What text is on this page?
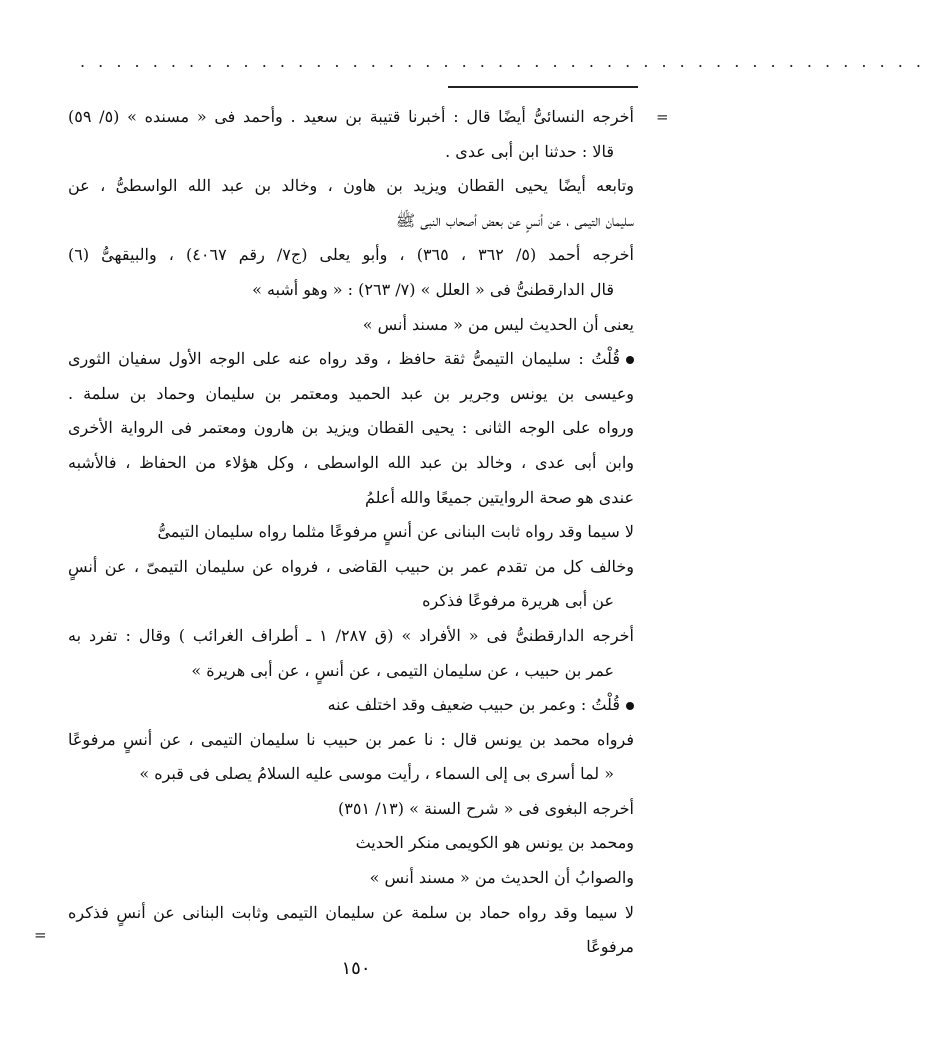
. . . . . . . . . . . . . . . . . . . . . . . . . . . . . . . . . . . . . . . . . . . . . . .
=
=
أخرجه النسائىُّ أيضًا قال : أخبرنا قتيبة بن سعيد . وأحمد فى « مسنده » (٥/ ٥٩)
قالا : حدثنا ابن أبى عدى .
وتابعه أيضًا يحيى القطان ويزيد بن هاون ، وخالد بن عبد الله الواسطىُّ ، عن
سليمان التيمى ، عن أنسٍ عن بعض أصحاب النبى ﷺ
أخرجه أحمد (٥/ ٣٦٢ ، ٣٦٥) ، وأبو يعلى (ج٧/ رقم ٤٠٦٧) ، والبيقهىُّ (٦)
قال الدارقطنىُّ فى « العلل » (٧/ ٢٦٣) : « وهو أشبه »
يعنى أن الحديث ليس من « مسند أنس »
قُلْتُ : سليمان التيمىُّ ثقة حافظ ، وقد رواه عنه على الوجه الأول سفيان الثورى
وعيسى بن يونس وجرير بن عبد الحميد ومعتمر بن سليمان وحماد بن سلمة .
ورواه على الوجه الثانى : يحيى القطان ويزيد بن هارون ومعتمر فى الرواية الأخرى
وابن أبى عدى ، وخالد بن عبد الله الواسطى ، وكل هؤلاء من الحفاظ ، فالأشبه
عندى هو صحة الروايتين جميعًا والله أعلمُ
لا سيما وقد رواه ثابت البنانى عن أنسٍ مرفوعًا مثلما رواه سليمان التيمىُّ
وخالف كل من تقدم عمر بن حبيب القاضى ، فرواه عن سليمان التيمىّ ، عن أنسٍ
عن أبى هريرة مرفوعًا فذكره
أخرجه الدارقطنىُّ فى « الأفراد » (ق ٢٨٧/ ١ ـ أطراف الغرائب ) وقال : تفرد به
عمر بن حبيب ، عن سليمان التيمى ، عن أنسٍ ، عن أبى هريرة »
قُلْتُ : وعمر بن حبيب ضعيف وقد اختلف عنه
فرواه محمد بن يونس قال : نا عمر بن حبيب نا سليمان التيمى ، عن أنسٍ مرفوعًا
« لما أسرى بى إلى السماء ، رأيت موسى عليه السلامُ يصلى فى قبره »
أخرجه البغوى فى « شرح السنة » (١٣/ ٣٥١)
ومحمد بن يونس هو الكويمى منكر الحديث
والصوابُ أن الحديث من « مسند أنس »
لا سيما وقد رواه حماد بن سلمة عن سليمان التيمى وثابت البنانى عن أنسٍ فذكره
مرفوعًا
١٥٠
